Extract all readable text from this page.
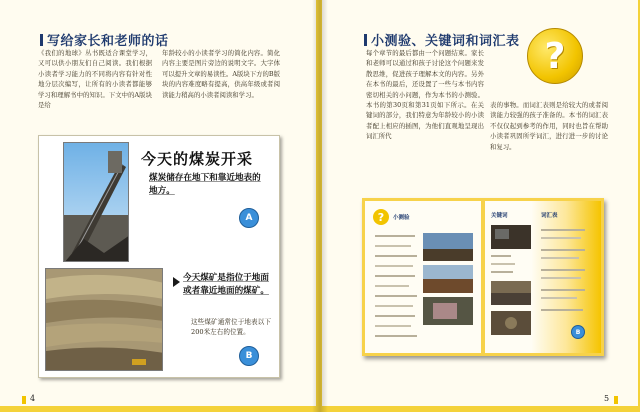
写给家长和老师的话
《我们的地球》丛书既适合课堂学习，又可以供小朋友们自己阅读。我们根据小读者学习能力的不同将内容有针对性地分层次编写，让所有的小读者都能够学习和理解书中的知识。下文中的A版块是给
年龄较小的小读者学习的简化内容。简化内容主要是图片旁边的说明文字。大字体可以提升文章的易读性。A版块下方的B版块的内容难度略有提高，供高年级或者阅读能力稍高的小读者阅读和学习。
今天的煤炭开采
煤炭储存在地下和靠近地表的地方。
A
今天煤矿是指位于地面或者靠近地面的煤矿。
这些煤矿通常位于地表以下200米左右的位置。
B
4
小测验、关键词和词汇表
每个章节的最后都由一个问题结束。家长和老师可以通过和孩子讨论这个问题来发散思维，促进孩子理解本文的内容。另外在本书的最后，还设置了一些与本书内容密切相关的小问题，作为本书的小测验。本书的第30页和第31页如下所示。在关键词的部分，我们特意为年龄较小的小读者配上相应的插图，为他们直观地呈现出词汇所代
表的事物。而词汇表则是给较大的或者阅读能力较强的孩子准备的。本书的词汇表不仅仅起到参考的作用，同时也旨在帮助小读者巩固所学词汇，进行进一步的讨论和复习。
5
?
?	小测验	关键词	词汇表
B
